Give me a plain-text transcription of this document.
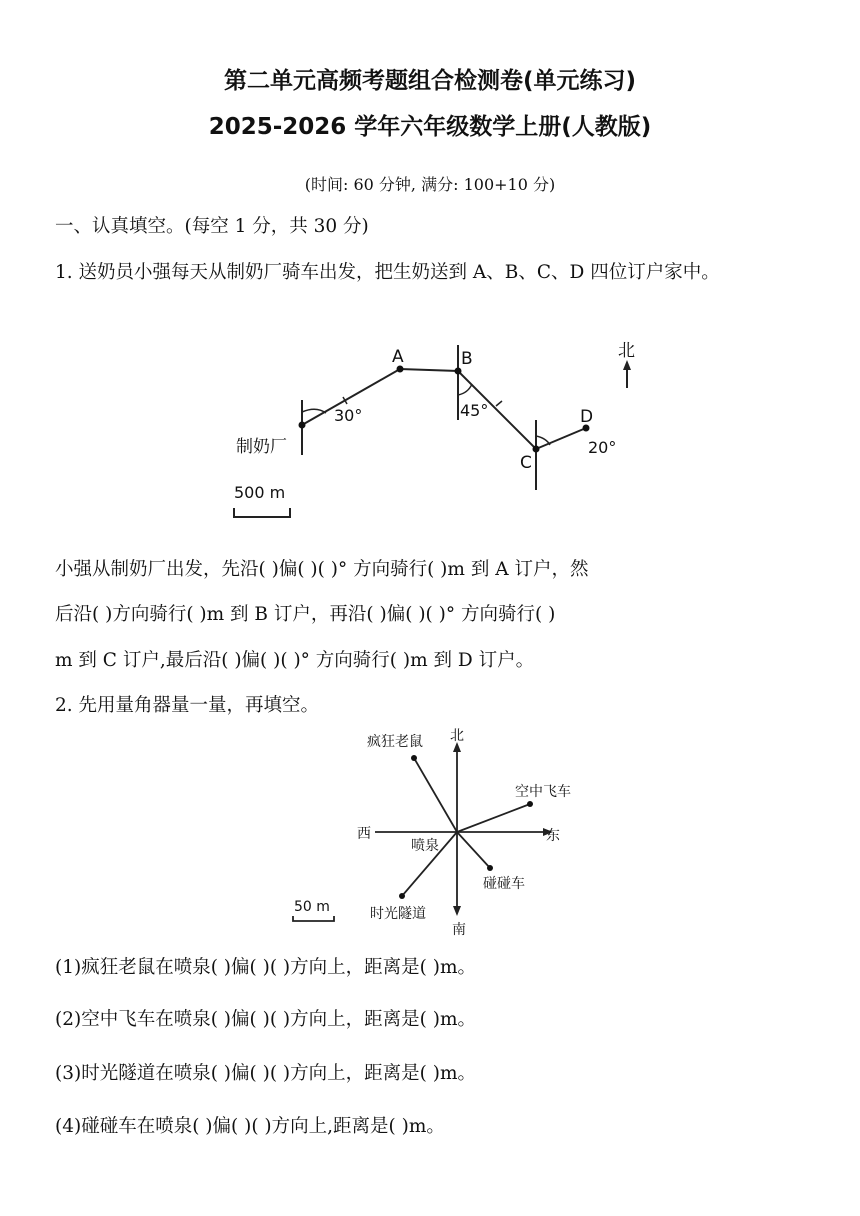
第二单元高频考题组合检测卷(单元练习)
2025-2026 学年六年级数学上册(人教版)
(时间: 60 分钟, 满分: 100+10 分)
一、认真填空。(每空 1 分，共 30 分)
1. 送奶员小强每天从制奶厂骑车出发，把生奶送到 A、B、C、D 四位订户家中。
制奶厂
A	B
C
D
北
30°	45°
20°
500 m
小强从制奶厂出发，先沿( )偏( )( )° 方向骑行( )m 到 A 订户，然
后沿( )方向骑行( )m 到 B 订户，再沿( )偏( )( )° 方向骑行( )
m 到 C 订户,最后沿( )偏( )( )° 方向骑行( )m 到 D 订户。
2. 先用量角器量一量，再填空。
北
南
东
西
喷泉
疯狂老鼠
空中飞车
时光隧道
碰碰车
50 m
(1)疯狂老鼠在喷泉( )偏( )( )方向上，距离是( )m。
(2)空中飞车在喷泉( )偏( )( )方向上，距离是( )m。
(3)时光隧道在喷泉( )偏( )( )方向上，距离是( )m。
(4)碰碰车在喷泉( )偏( )( )方向上,距离是( )m。
